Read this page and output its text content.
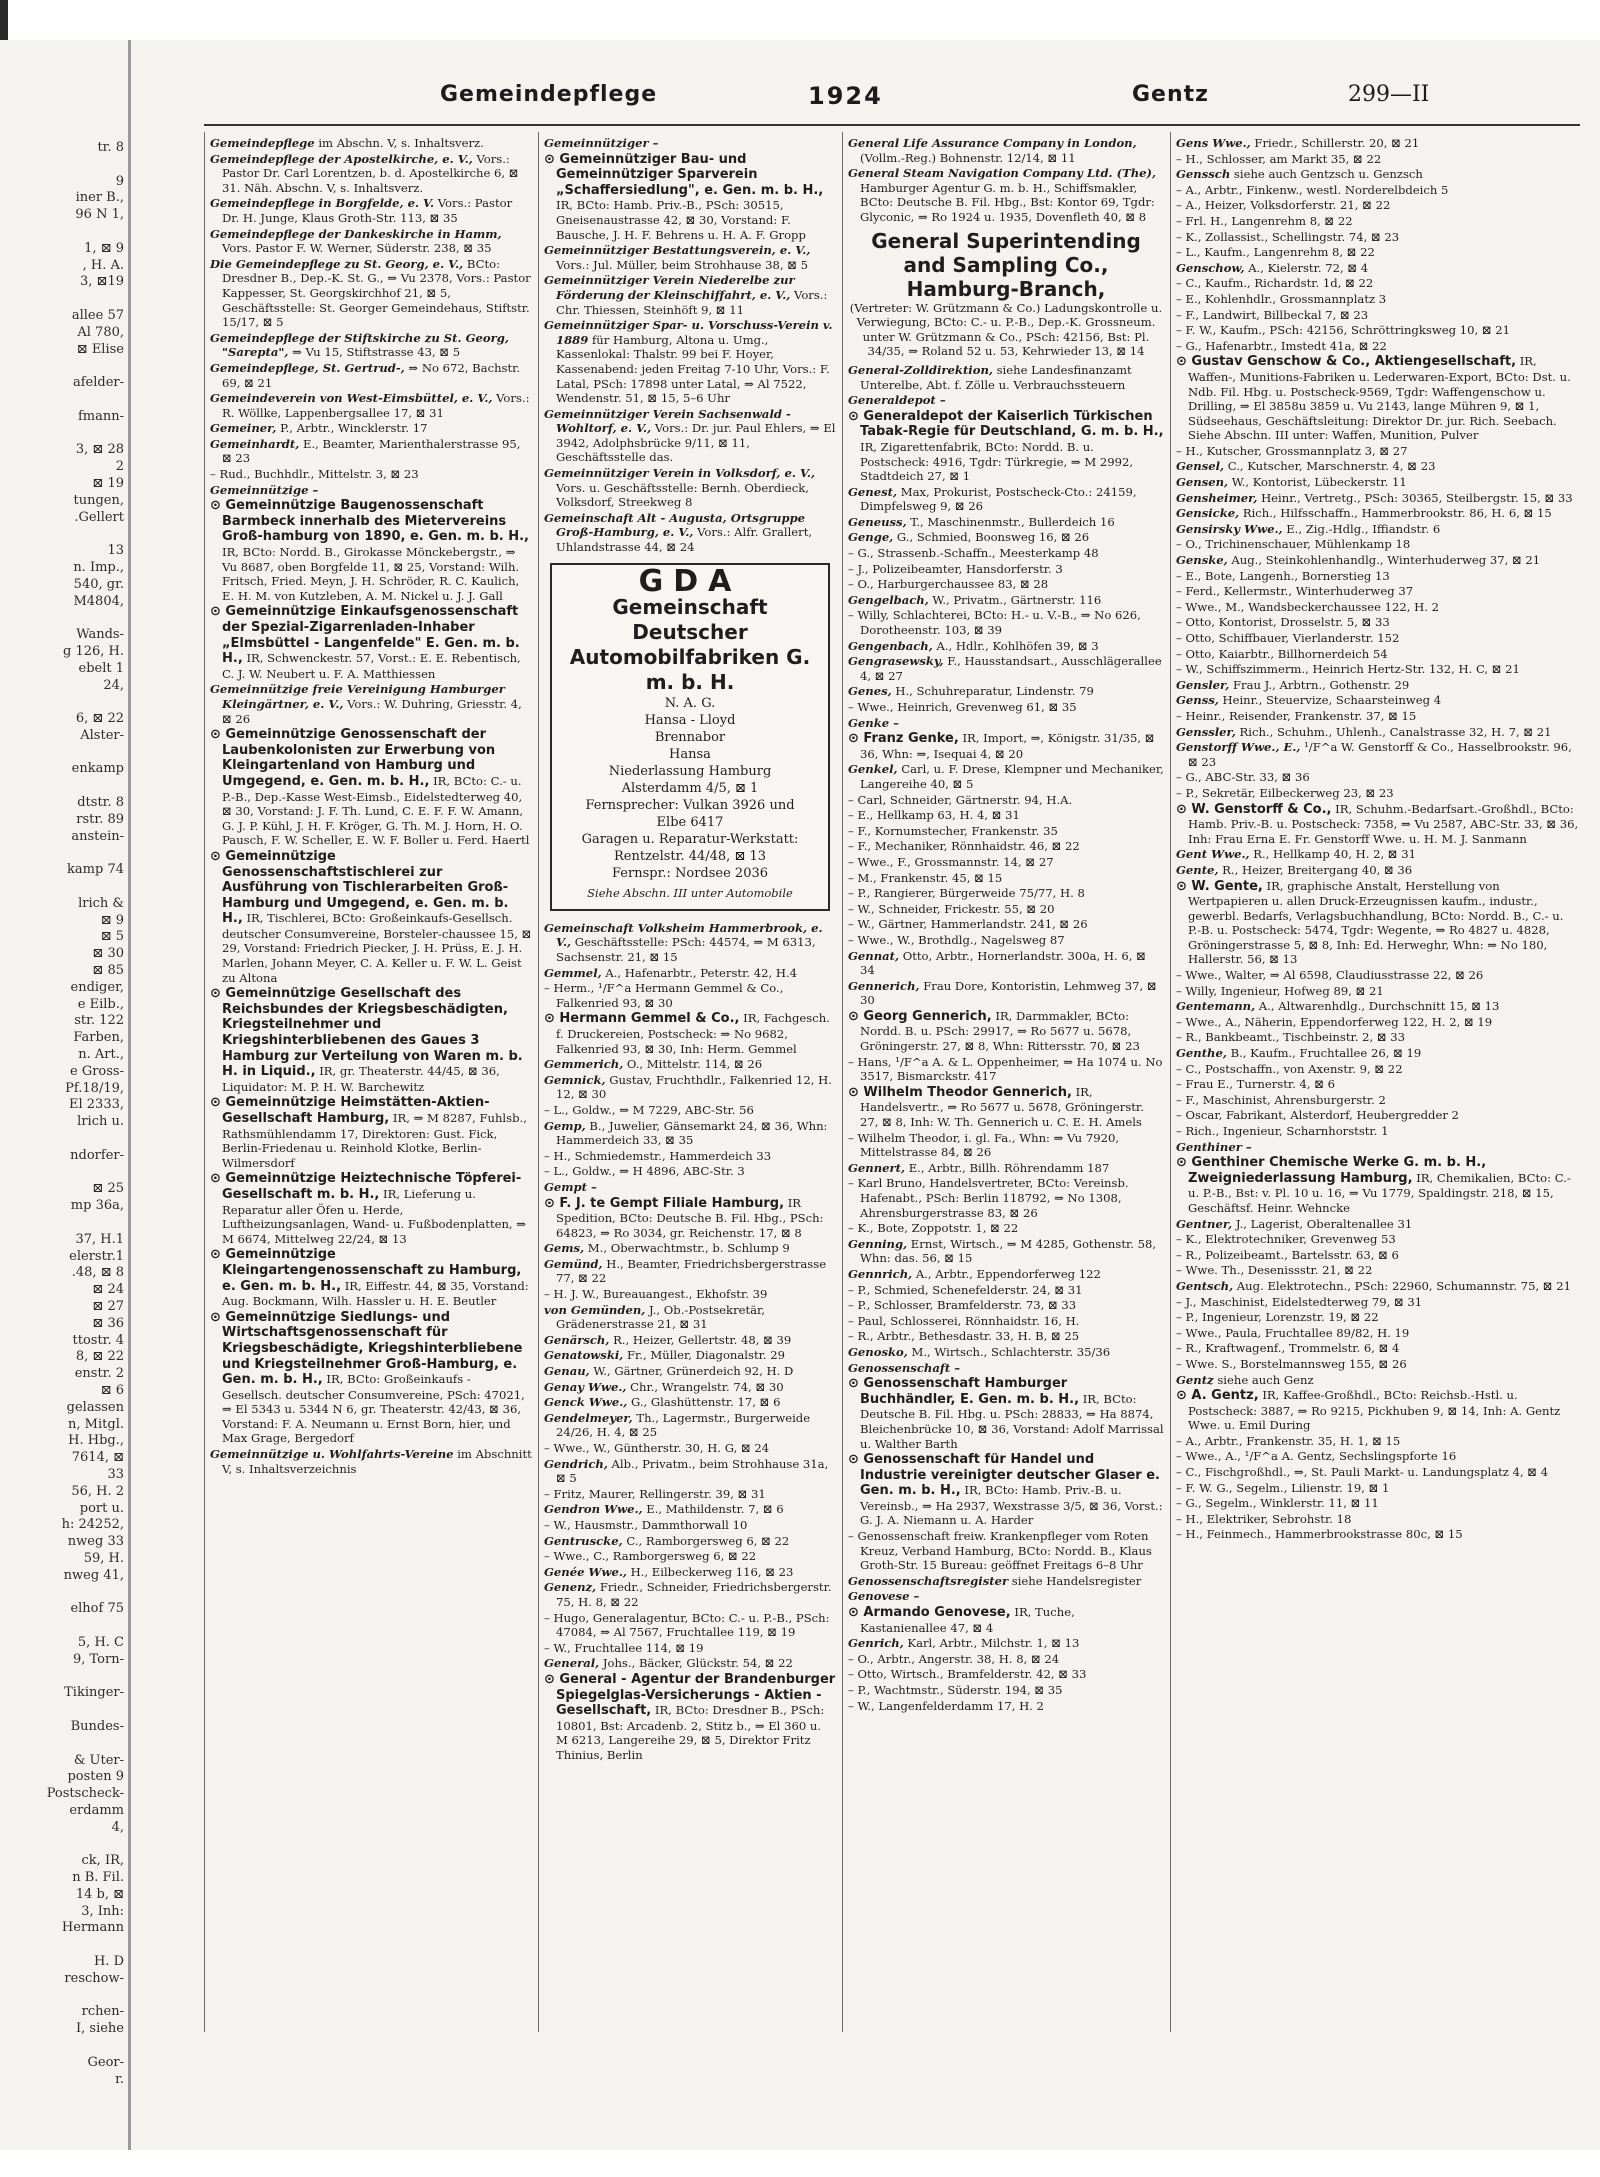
Gemeindepflege	1924	Gentz	299—II
tr. 8

9
iner B.,
96 N 1,

1, ⊠ 9
, H. A.
3, ⊠19

allee 57
Al 780,
⊠ Elise

afelder-

fmann-

3, ⊠ 28
2
⊠ 19
tungen,
.Gellert

13
n. Imp.,
540, gr.
M4804,

Wands-
g 126, H.
ebelt 1
24,

6, ⊠ 22
Alster-

enkamp

dtstr. 8
rstr. 89
anstein-

kamp 74

lrich &
⊠ 9
⊠ 5
⊠ 30
⊠ 85
endiger,
e Eilb.,
str. 122
Farben,
n. Art.,
e Gross-
Pf.18/19,
El 2333,
lrich u.

ndorfer-

⊠ 25
mp 36a,

37, H.1
elerstr.1
.48, ⊠ 8
⊠ 24
⊠ 27
⊠ 36
ttostr. 4
8, ⊠ 22
enstr. 2
⊠ 6
gelassen
n, Mitgl.
H. Hbg.,
7614, ⊠
33
56, H. 2
port u.
h: 24252,
nweg 33
59, H.
nweg 41,

elhof 75

5, H. C
9, Torn-

Tikinger-

Bundes-

& Uter-
posten 9
Postscheck-
erdamm
4,

ck, IR,
n B. Fil.
14 b, ⊠
3, Inh:
Hermann

H. D
reschow-

rchen-
I, siehe

Geor-
r.

Gemeindepflege im Abschn. V, s. Inhaltsverz.
Gemeindepflege der Apostelkirche, e. V., Vors.: Pastor Dr. Carl Lorentzen, b. d. Apostelkirche 6, ⊠ 31. Näh. Abschn. V, s. Inhaltsverz.
Gemeindepflege in Borgfelde, e. V. Vors.: Pastor Dr. H. Junge, Klaus Groth-Str. 113, ⊠ 35
Gemeindepflege der Dankeskirche in Hamm, Vors. Pastor F. W. Werner, Süderstr. 238, ⊠ 35
Die Gemeindepflege zu St. Georg, e. V., BCto: Dresdner B., Dep.-K. St. G., ⇒ Vu 2378, Vors.: Pastor Kappesser, St. Georgskirchhof 21, ⊠ 5, Geschäftsstelle: St. Georger Gemeindehaus, Stiftstr. 15/17, ⊠ 5
Gemeindepflege der Stiftskirche zu St. Georg, "Sarepta", ⇒ Vu 15, Stiftstrasse 43, ⊠ 5
Gemeindepflege, St. Gertrud-, ⇒ No 672, Bachstr. 69, ⊠ 21
Gemeindeverein von West-Eimsbüttel, e. V., Vors.: R. Wöllke, Lappenbergsallee 17, ⊠ 31
Gemeiner, P., Arbtr., Wincklerstr. 17
Gemeinhardt, E., Beamter, Marienthalerstrasse 95, ⊠ 23
– Rud., Buchhdlr., Mittelstr. 3, ⊠ 23
Gemeinnützige –
⊙ Gemeinnützige Baugenossenschaft Barmbeck innerhalb des Mietervereins Groß-hamburg von 1890, e. Gen. m. b. H., IR, BCto: Nordd. B., Girokasse Mönckebergstr., ⇒ Vu 8687, oben Borgfelde 11, ⊠ 25, Vorstand: Wilh. Fritsch, Fried. Meyn, J. H. Schröder, R. C. Kaulich, E. H. M. von Kutzleben, A. M. Nickel u. J. J. Gall
⊙ Gemeinnützige Einkaufsgenossenschaft der Spezial-Zigarrenladen-Inhaber „Elmsbüttel - Langenfelde" E. Gen. m. b. H., IR, Schwenckestr. 57, Vorst.: E. E. Rebentisch, C. J. W. Neubert u. F. A. Matthiessen
Gemeinnützige freie Vereinigung Hamburger Kleingärtner, e. V., Vors.: W. Duhring, Griesstr. 4, ⊠ 26
⊙ Gemeinnützige Genossenschaft der Laubenkolonisten zur Erwerbung von Kleingartenland von Hamburg und Umgegend, e. Gen. m. b. H., IR, BCto: C.- u. P.-B., Dep.-Kasse West-Eimsb., Eidelstedterweg 40, ⊠ 30, Vorstand: J. F. Th. Lund, C. E. F. F. W. Amann, G. J. P. Kühl, J. H. F. Kröger, G. Th. M. J. Horn, H. O. Pausch, F. W. Scheller, E. W. F. Boller u. Ferd. Haertl
⊙ Gemeinnützige Genossenschaftstischlerei zur Ausführung von Tischlerarbeiten Groß-Hamburg und Umgegend, e. Gen. m. b. H., IR, Tischlerei, BCto: Großeinkaufs-Gesellsch. deutscher Consumvereine, Borsteler-chaussee 15, ⊠ 29, Vorstand: Friedrich Piecker, J. H. Prüss, E. J. H. Marlen, Johann Meyer, C. A. Keller u. F. W. L. Geist zu Altona
⊙ Gemeinnützige Gesellschaft des Reichsbundes der Kriegsbeschädigten, Kriegsteilnehmer und Kriegshinterbliebenen des Gaues 3 Hamburg zur Verteilung von Waren m. b. H. in Liquid., IR, gr. Theaterstr. 44/45, ⊠ 36, Liquidator: M. P. H. W. Barchewitz
⊙ Gemeinnützige Heimstätten-Aktien-Gesellschaft Hamburg, IR, ⇒ M 8287, Fuhlsb., Rathsmühlendamm 17, Direktoren: Gust. Fick, Berlin-Friedenau u. Reinhold Klotke, Berlin-Wilmersdorf
⊙ Gemeinnützige Heiztechnische Töpferei-Gesellschaft m. b. H., IR, Lieferung u. Reparatur aller Öfen u. Herde, Luftheizungsanlagen, Wand- u. Fußbodenplatten, ⇒ M 6674, Mittelweg 22/24, ⊠ 13
⊙ Gemeinnützige Kleingartengenossenschaft zu Hamburg, e. Gen. m. b. H., IR, Eiffestr. 44, ⊠ 35, Vorstand: Aug. Bockmann, Wilh. Hassler u. H. E. Beutler
⊙ Gemeinnützige Siedlungs- und Wirtschaftsgenossenschaft für Kriegsbeschädigte, Kriegshinterbliebene und Kriegsteilnehmer Groß-Hamburg, e. Gen. m. b. H., IR, BCto: Großeinkaufs - Gesellsch. deutscher Consumvereine, PSch: 47021, ⇒ El 5343 u. 5344 N 6, gr. Theaterstr. 42/43, ⊠ 36, Vorstand: F. A. Neumann u. Ernst Born, hier, und Max Grage, Bergedorf
Gemeinnützige u. Wohlfahrts-Vereine im Abschnitt V, s. Inhaltsverzeichnis
Gemeinnütziger –
⊙ Gemeinnütziger Bau- und Gemeinnütziger Sparverein „Schaffersiedlung", e. Gen. m. b. H., IR, BCto: Hamb. Priv.-B., PSch: 30515, Gneisenaustrasse 42, ⊠ 30, Vorstand: F. Bausche, J. H. F. Behrens u. H. A. F. Gropp
Gemeinnütziger Bestattungsverein, e. V., Vors.: Jul. Müller, beim Strohhause 38, ⊠ 5
Gemeinnütziger Verein Niederelbe zur Förderung der Kleinschiffahrt, e. V., Vors.: Chr. Thiessen, Steinhöft 9, ⊠ 11
Gemeinnütziger Spar- u. Vorschuss-Verein v. 1889 für Hamburg, Altona u. Umg., Kassenlokal: Thalstr. 99 bei F. Hoyer, Kassenabend: jeden Freitag 7-10 Uhr, Vors.: F. Latal, PSch: 17898 unter Latal, ⇒ Al 7522, Wendenstr. 51, ⊠ 15, 5–6 Uhr
Gemeinnütziger Verein Sachsenwald - Wohltorf, e. V., Vors.: Dr. jur. Paul Ehlers, ⇒ El 3942, Adolphsbrücke 9/11, ⊠ 11, Geschäftsstelle das.
Gemeinnütziger Verein in Volksdorf, e. V., Vors. u. Geschäftsstelle: Bernh. Oberdieck, Volksdorf, Streekweg 8
Gemeinschaft Alt - Augusta, Ortsgruppe Groß-Hamburg, e. V., Vors.: Alfr. Grallert, Uhlandstrasse 44, ⊠ 24
GDA
Gemeinschaft Deutscher Automobilfabriken G. m. b. H.
N. A. G.
Hansa - Lloyd
Brennabor
Hansa
Niederlassung Hamburg
Alsterdamm 4/5, ⊠ 1
Fernsprecher: Vulkan 3926 und
Elbe 6417
Garagen u. Reparatur-Werkstatt:
Rentzelstr. 44/48, ⊠ 13
Fernspr.: Nordsee 2036
Siehe Abschn. III unter Automobile
Gemeinschaft Volksheim Hammerbrook, e. V., Geschäftsstelle: PSch: 44574, ⇒ M 6313, Sachsenstr. 21, ⊠ 15
Gemmel, A., Hafenarbtr., Peterstr. 42, H.4
– Herm., ¹/F^a Hermann Gemmel & Co., Falkenried 93, ⊠ 30
⊙ Hermann Gemmel & Co., IR, Fachgesch. f. Druckereien, Postscheck: ⇒ No 9682, Falkenried 93, ⊠ 30, Inh: Herm. Gemmel
Gemmerich, O., Mittelstr. 114, ⊠ 26
Gemnick, Gustav, Fruchthdlr., Falkenried 12, H. 12, ⊠ 30
– L., Goldw., ⇒ M 7229, ABC-Str. 56
Gemp, B., Juwelier, Gänsemarkt 24, ⊠ 36, Whn: Hammerdeich 33, ⊠ 35
– H., Schmiedemstr., Hammerdeich 33
– L., Goldw., ⇒ H 4896, ABC-Str. 3
Gempt –
⊙ F. J. te Gempt Filiale Hamburg, IR Spedition, BCto: Deutsche B. Fil. Hbg., PSch: 64823, ⇒ Ro 3034, gr. Reichenstr. 17, ⊠ 8
Gems, M., Oberwachtmstr., b. Schlump 9
Gemünd, H., Beamter, Friedrichsbergerstrasse 77, ⊠ 22
– H. J. W., Bureauangest., Ekhofstr. 39
von Gemünden, J., Ob.-Postsekretär, Grädenerstrasse 21, ⊠ 31
Genärsch, R., Heizer, Gellertstr. 48, ⊠ 39
Genatowski, Fr., Müller, Diagonalstr. 29
Genau, W., Gärtner, Grünerdeich 92, H. D
Genay Wwe., Chr., Wrangelstr. 74, ⊠ 30
Genck Wwe., G., Glashüttenstr. 17, ⊠ 6
Gendelmeyer, Th., Lagermstr., Burgerweide 24/26, H. 4, ⊠ 25
– Wwe., W., Güntherstr. 30, H. G, ⊠ 24
Gendrich, Alb., Privatm., beim Strohhause 31a, ⊠ 5
– Fritz, Maurer, Rellingerstr. 39, ⊠ 31
Gendron Wwe., E., Mathildenstr. 7, ⊠ 6
– W., Hausmstr., Dammthorwall 10
Gentruscke, C., Ramborgersweg 6, ⊠ 22
– Wwe., C., Ramborgersweg 6, ⊠ 22
Genée Wwe., H., Eilbeckerweg 116, ⊠ 23
Genenz, Friedr., Schneider, Friedrichsbergerstr. 75, H. 8, ⊠ 22
– Hugo, Generalagentur, BCto: C.- u. P.-B., PSch: 47084, ⇒ Al 7567, Fruchtallee 119, ⊠ 19
– W., Fruchtallee 114, ⊠ 19
General, Johs., Bäcker, Glückstr. 54, ⊠ 22
⊙ General - Agentur der Brandenburger Spiegelglas-Versicherungs - Aktien - Gesellschaft, IR, BCto: Dresdner B., PSch: 10801, Bst: Arcadenb. 2, Stitz b., ⇒ El 360 u. M 6213, Langereihe 29, ⊠ 5, Direktor Fritz Thinius, Berlin
General Life Assurance Company in London, (Vollm.-Reg.) Bohnenstr. 12/14, ⊠ 11
General Steam Navigation Company Ltd. (The), Hamburger Agentur G. m. b. H., Schiffsmakler, BCto: Deutsche B. Fil. Hbg., Bst: Kontor 69, Tgdr: Glyconic, ⇒ Ro 1924 u. 1935, Dovenfleth 40, ⊠ 8
General Superintending and Sampling Co., Hamburg-Branch,
(Vertreter: W. Grützmann & Co.) Ladungskontrolle u. Verwiegung, BCto: C.- u. P.-B., Dep.-K. Grossneum. unter W. Grützmann & Co., PSch: 42156, Bst: Pl. 34/35, ⇒ Roland 52 u. 53, Kehrwieder 13, ⊠ 14
General-Zolldirektion, siehe Landesfinanzamt Unterelbe, Abt. f. Zölle u. Verbrauchssteuern
Generaldepot –
⊙ Generaldepot der Kaiserlich Türkischen Tabak-Regie für Deutschland, G. m. b. H., IR, Zigarettenfabrik, BCto: Nordd. B. u. Postscheck: 4916, Tgdr: Türkregie, ⇒ M 2992, Stadtdeich 27, ⊠ 1
Genest, Max, Prokurist, Postscheck-Cto.: 24159, Dimpfelsweg 9, ⊠ 26
Geneuss, T., Maschinenmstr., Bullerdeich 16
Genge, G., Schmied, Boonsweg 16, ⊠ 26
– G., Strassenb.-Schaffn., Meesterkamp 48
– J., Polizeibeamter, Hansdorferstr. 3
– O., Harburgerchaussee 83, ⊠ 28
Gengelbach, W., Privatm., Gärtnerstr. 116
– Willy, Schlachterei, BCto: H.- u. V.-B., ⇒ No 626, Dorotheenstr. 103, ⊠ 39
Gengenbach, A., Hdlr., Kohlhöfen 39, ⊠ 3
Gengrasewsky, F., Hausstandsart., Ausschlägerallee 4, ⊠ 27
Genes, H., Schuhreparatur, Lindenstr. 79
– Wwe., Heinrich, Grevenweg 61, ⊠ 35
Genke –
⊙ Franz Genke, IR, Import, ⇒, Königstr. 31/35, ⊠ 36, Whn: ⇒, Isequai 4, ⊠ 20
Genkel, Carl, u. F. Drese, Klempner und Mechaniker, Langereihe 40, ⊠ 5
– Carl, Schneider, Gärtnerstr. 94, H.A.
– E., Hellkamp 63, H. 4, ⊠ 31
– F., Kornumstecher, Frankenstr. 35
– F., Mechaniker, Rönnhaidstr. 46, ⊠ 22
– Wwe., F., Grossmannstr. 14, ⊠ 27
– M., Frankenstr. 45, ⊠ 15
– P., Rangierer, Bürgerweide 75/77, H. 8
– W., Schneider, Frickestr. 55, ⊠ 20
– W., Gärtner, Hammerlandstr. 241, ⊠ 26
– Wwe., W., Brothdlg., Nagelsweg 87
Gennat, Otto, Arbtr., Hornerlandstr. 300a, H. 6, ⊠ 34
Gennerich, Frau Dore, Kontoristin, Lehmweg 37, ⊠ 30
⊙ Georg Gennerich, IR, Darmmakler, BCto: Nordd. B. u. PSch: 29917, ⇒ Ro 5677 u. 5678, Gröningerstr. 27, ⊠ 8, Whn: Rittersstr. 70, ⊠ 23
– Hans, ¹/F^a A. & L. Oppenheimer, ⇒ Ha 1074 u. No 3517, Bismarckstr. 417
⊙ Wilhelm Theodor Gennerich, IR, Handelsvertr., ⇒ Ro 5677 u. 5678, Gröningerstr. 27, ⊠ 8, Inh: W. Th. Gennerich u. C. E. H. Amels
– Wilhelm Theodor, i. gl. Fa., Whn: ⇒ Vu 7920, Mittelstrasse 84, ⊠ 26
Gennert, E., Arbtr., Billh. Röhrendamm 187
– Karl Bruno, Handelsvertreter, BCto: Vereinsb. Hafenabt., PSch: Berlin 118792, ⇒ No 1308, Ahrensburgerstrasse 83, ⊠ 26
– K., Bote, Zoppotstr. 1, ⊠ 22
Genning, Ernst, Wirtsch., ⇒ M 4285, Gothenstr. 58, Whn: das. 56, ⊠ 15
Gennrich, A., Arbtr., Eppendorferweg 122
– P., Schmied, Schenefelderstr. 24, ⊠ 31
– P., Schlosser, Bramfelderstr. 73, ⊠ 33
– Paul, Schlosserei, Rönnhaidstr. 16, H.
– R., Arbtr., Bethesdastr. 33, H. B, ⊠ 25
Genosko, M., Wirtsch., Schlachterstr. 35/36
Genossenschaft –
⊙ Genossenschaft Hamburger Buchhändler, E. Gen. m. b. H., IR, BCto: Deutsche B. Fil. Hbg. u. PSch: 28833, ⇒ Ha 8874, Bleichenbrücke 10, ⊠ 36, Vorstand: Adolf Marrissal u. Walther Barth
⊙ Genossenschaft für Handel und Industrie vereinigter deutscher Glaser e. Gen. m. b. H., IR, BCto: Hamb. Priv.-B. u. Vereinsb., ⇒ Ha 2937, Wexstrasse 3/5, ⊠ 36, Vorst.: G. J. A. Niemann u. A. Harder
– Genossenschaft freiw. Krankenpfleger vom Roten Kreuz, Verband Hamburg, BCto: Nordd. B., Klaus Groth-Str. 15 Bureau: geöffnet Freitags 6–8 Uhr
Genossenschaftsregister siehe Handelsregister
Genovese –
⊙ Armando Genovese, IR, Tuche, Kastanienallee 47, ⊠ 4
Genrich, Karl, Arbtr., Milchstr. 1, ⊠ 13
– O., Arbtr., Angerstr. 38, H. 8, ⊠ 24
– Otto, Wirtsch., Bramfelderstr. 42, ⊠ 33
– P., Wachtmstr., Süderstr. 194, ⊠ 35
– W., Langenfelderdamm 17, H. 2
Gens Wwe., Friedr., Schillerstr. 20, ⊠ 21
– H., Schlosser, am Markt 35, ⊠ 22
Genssch siehe auch Gentzsch u. Genzsch
– A., Arbtr., Finkenw., westl. Norderelbdeich 5
– A., Heizer, Volksdorferstr. 21, ⊠ 22
– Frl. H., Langenrehm 8, ⊠ 22
– K., Zollassist., Schellingstr. 74, ⊠ 23
– L., Kaufm., Langenrehm 8, ⊠ 22
Genschow, A., Kielerstr. 72, ⊠ 4
– C., Kaufm., Richardstr. 1d, ⊠ 22
– E., Kohlenhdlr., Grossmannplatz 3
– F., Landwirt, Billbeckal 7, ⊠ 23
– F. W., Kaufm., PSch: 42156, Schröttringksweg 10, ⊠ 21
– G., Hafenarbtr., Imstedt 41a, ⊠ 22
⊙ Gustav Genschow & Co., Aktiengesellschaft, IR, Waffen-, Munitions-Fabriken u. Lederwaren-Export, BCto: Dst. u. Ndb. Fil. Hbg. u. Postscheck-9569, Tgdr: Waffengenschow u. Drilling, ⇒ El 3858u 3859 u. Vu 2143, lange Mühren 9, ⊠ 1, Südseehaus, Geschäftsleitung: Direktor Dr. jur. Rich. Seebach. Siehe Abschn. III unter: Waffen, Munition, Pulver
– H., Kutscher, Grossmannplatz 3, ⊠ 27
Gensel, C., Kutscher, Marschnerstr. 4, ⊠ 23
Gensen, W., Kontorist, Lübeckerstr. 11
Gensheimer, Heinr., Vertretg., PSch: 30365, Steilbergstr. 15, ⊠ 33
Gensicke, Rich., Hilfsschaffn., Hammerbrookstr. 86, H. 6, ⊠ 15
Gensirsky Wwe., E., Zig.-Hdlg., Iffiandstr. 6
– O., Trichinenschauer, Mühlenkamp 18
Genske, Aug., Steinkohlenhandlg., Winterhuderweg 37, ⊠ 21
– E., Bote, Langenh., Bornerstieg 13
– Ferd., Kellermstr., Winterhuderweg 37
– Wwe., M., Wandsbeckerchaussee 122, H. 2
– Otto, Kontorist, Drosselstr. 5, ⊠ 33
– Otto, Schiffbauer, Vierlanderstr. 152
– Otto, Kaiarbtr., Billhornerdeich 54
– W., Schiffszimmerm., Heinrich Hertz-Str. 132, H. C, ⊠ 21
Gensler, Frau J., Arbtrn., Gothenstr. 29
Genss, Heinr., Steuervize, Schaarsteinweg 4
– Heinr., Reisender, Frankenstr. 37, ⊠ 15
Genssler, Rich., Schuhm., Uhlenh., Canalstrasse 32, H. 7, ⊠ 21
Genstorff Wwe., E., ¹/F^a W. Genstorff & Co., Hasselbrookstr. 96, ⊠ 23
– G., ABC-Str. 33, ⊠ 36
– P., Sekretär, Eilbeckerweg 23, ⊠ 23
⊙ W. Genstorff & Co., IR, Schuhm.-Bedarfsart.-Großhdl., BCto: Hamb. Priv.-B. u. Postscheck: 7358, ⇒ Vu 2587, ABC-Str. 33, ⊠ 36, Inh: Frau Erna E. Fr. Genstorff Wwe. u. H. M. J. Sanmann
Gent Wwe., R., Hellkamp 40, H. 2, ⊠ 31
Gente, R., Heizer, Breitergang 40, ⊠ 36
⊙ W. Gente, IR, graphische Anstalt, Herstellung von Wertpapieren u. allen Druck-Erzeugnissen kaufm., industr., gewerbl. Bedarfs, Verlagsbuchhandlung, BCto: Nordd. B., C.- u. P.-B. u. Postscheck: 5474, Tgdr: Wegente, ⇒ Ro 4827 u. 4828, Gröningerstrasse 5, ⊠ 8, Inh: Ed. Herweghr, Whn: ⇒ No 180, Hallerstr. 56, ⊠ 13
– Wwe., Walter, ⇒ Al 6598, Claudiusstrasse 22, ⊠ 26
– Willy, Ingenieur, Hofweg 89, ⊠ 21
Gentemann, A., Altwarenhdlg., Durchschnitt 15, ⊠ 13
– Wwe., A., Näherin, Eppendorferweg 122, H. 2, ⊠ 19
– R., Bankbeamt., Tischbeinstr. 2, ⊠ 33
Genthe, B., Kaufm., Fruchtallee 26, ⊠ 19
– C., Postschaffn., von Axenstr. 9, ⊠ 22
– Frau E., Turnerstr. 4, ⊠ 6
– F., Maschinist, Ahrensburgerstr. 2
– Oscar, Fabrikant, Alsterdorf, Heubergredder 2
– Rich., Ingenieur, Scharnhorststr. 1
Genthiner –
⊙ Genthiner Chemische Werke G. m. b. H., Zweigniederlassung Hamburg, IR, Chemikalien, BCto: C.- u. P.-B., Bst: v. Pl. 10 u. 16, ⇒ Vu 1779, Spaldingstr. 218, ⊠ 15, Geschäftsf. Heinr. Wehncke
Gentner, J., Lagerist, Oberaltenallee 31
– K., Elektrotechniker, Grevenweg 53
– R., Polizeibeamt., Bartelsstr. 63, ⊠ 6
– Wwe. Th., Desenissstr. 21, ⊠ 22
Gentsch, Aug. Elektrotechn., PSch: 22960, Schumannstr. 75, ⊠ 21
– J., Maschinist, Eidelstedterweg 79, ⊠ 31
– P., Ingenieur, Lorenzstr. 19, ⊠ 22
– Wwe., Paula, Fruchtallee 89/82, H. 19
– R., Kraftwagenf., Trommelstr. 6, ⊠ 4
– Wwe. S., Borstelmannsweg 155, ⊠ 26
Gentz siehe auch Genz
⊙ A. Gentz, IR, Kaffee-Großhdl., BCto: Reichsb.-Hstl. u. Postscheck: 3887, ⇒ Ro 9215, Pickhuben 9, ⊠ 14, Inh: A. Gentz Wwe. u. Emil During
– A., Arbtr., Frankenstr. 35, H. 1, ⊠ 15
– Wwe., A., ¹/F^a A. Gentz, Sechslingspforte 16
– C., Fischgroßhdl., ⇒, St. Pauli Markt- u. Landungsplatz 4, ⊠ 4
– F. W. G., Segelm., Lilienstr. 19, ⊠ 1
– G., Segelm., Winklerstr. 11, ⊠ 11
– H., Elektriker, Sebrohstr. 18
– H., Feinmech., Hammerbrookstrasse 80c, ⊠ 15
